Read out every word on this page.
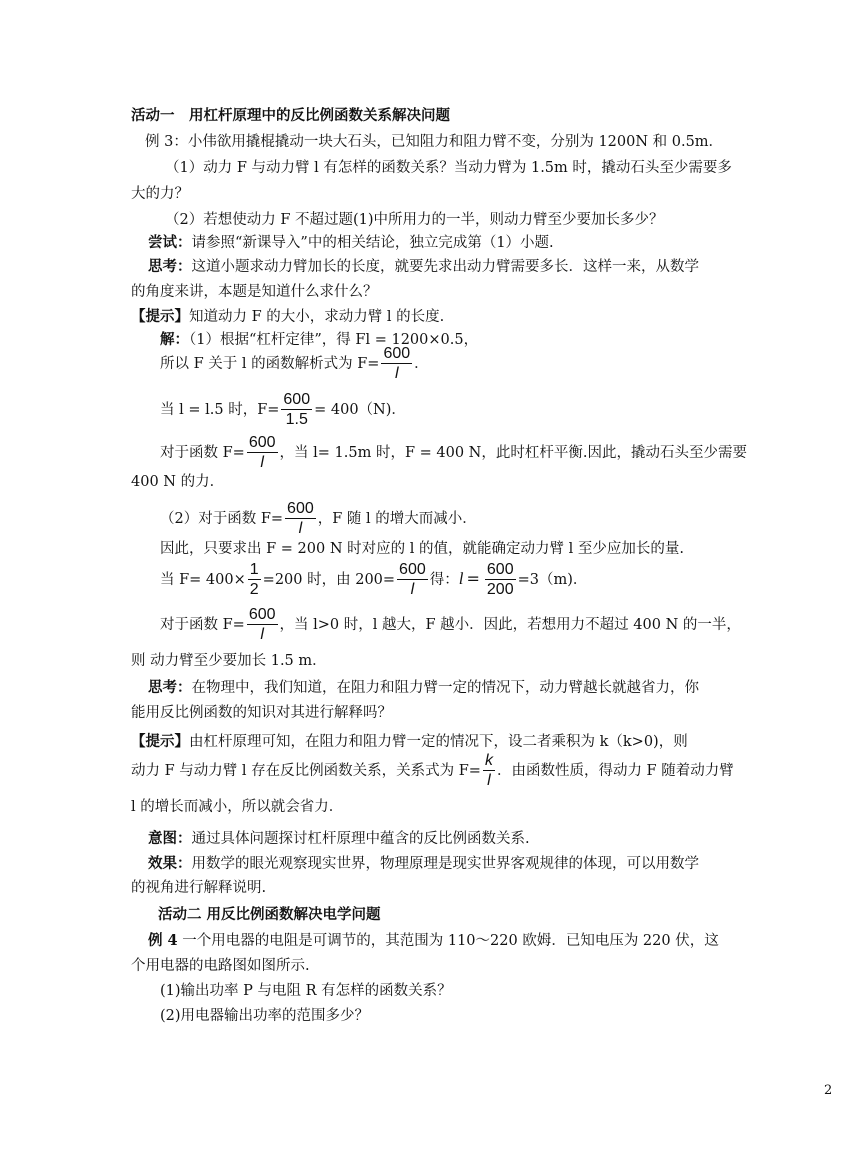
活动一　用杠杆原理中的反比例函数关系解决问题
例 3：小伟欲用撬棍撬动一块大石头，已知阻力和阻力臂不变，分别为 1200N 和 0.5m．
（1）动力 F 与动力臂 l 有怎样的函数关系？当动力臂为 1.5m 时，撬动石头至少需要多
大的力？
（2）若想使动力 F 不超过题(1)中所用力的一半，则动力臂至少要加长多少？
尝试：请参照“新课导入”中的相关结论，独立完成第（1）小题.
思考：这道小题求动力臂加长的长度，就要先求出动力臂需要多长．这样一来，从数学
的角度来讲，本题是知道什么求什么？
【提示】知道动力 F 的大小，求动力臂 l 的长度.
解：（1）根据“杠杆定律”，得 Fl = 1200×0.5，
所以 F 关于 l 的函数解析式为 $F= \frac{600}{l}$ ．
当 l = l.5 时，$F= \frac{600}{1.5} = 400(N)$．
对于函数 $F= \frac{600}{l}$ ，当 l= 1.5m 时，F = 400 N，此时杠杆平衡.因此，撬动石头至少需要
400 N 的力．
（2）对于函数 $F= \frac{600}{l}$ ，F 随 l 的增大而减小．
因此，只要求出 F = 200 N 时对应的 l 的值，就能确定动力臂 l 至少应加长的量.
当 $F= 400\times \frac{1}{2} =200$ 时，由 $200= \frac{600}{l}$ 得：$l = \frac{600}{200} =3(m)$．
对于函数 $F= \frac{600}{l}$ ，当 l>0 时，l 越大，F 越小．因此，若想用力不超过 400 N 的一半，
则 动力臂至少要加长 1.5 m．
思考：在物理中，我们知道，在阻力和阻力臂一定的情况下，动力臂越长就越省力，你
能用反比例函数的知识对其进行解释吗？
【提示】由杠杆原理可知，在阻力和阻力臂一定的情况下，设二者乘积为 k（k>0)，则
动力 F 与动力臂 l 存在反比例函数关系，关系式为 $F= \frac{k}{l}$ ．由函数性质，得动力 F 随着动力臂
l 的增长而减小，所以就会省力．
意图：通过具体问题探讨杠杆原理中蕴含的反比例函数关系.
效果：用数学的眼光观察现实世界，物理原理是现实世界客观规律的体现，可以用数学
的视角进行解释说明.
活动二 用反比例函数解决电学问题
例 4 一个用电器的电阻是可调节的，其范围为 110～220 欧姆．已知电压为 220 伏，这
个用电器的电路图如图所示.
(1)输出功率 P 与电阻 R 有怎样的函数关系？
(2)用电器输出功率的范围多少？
2
